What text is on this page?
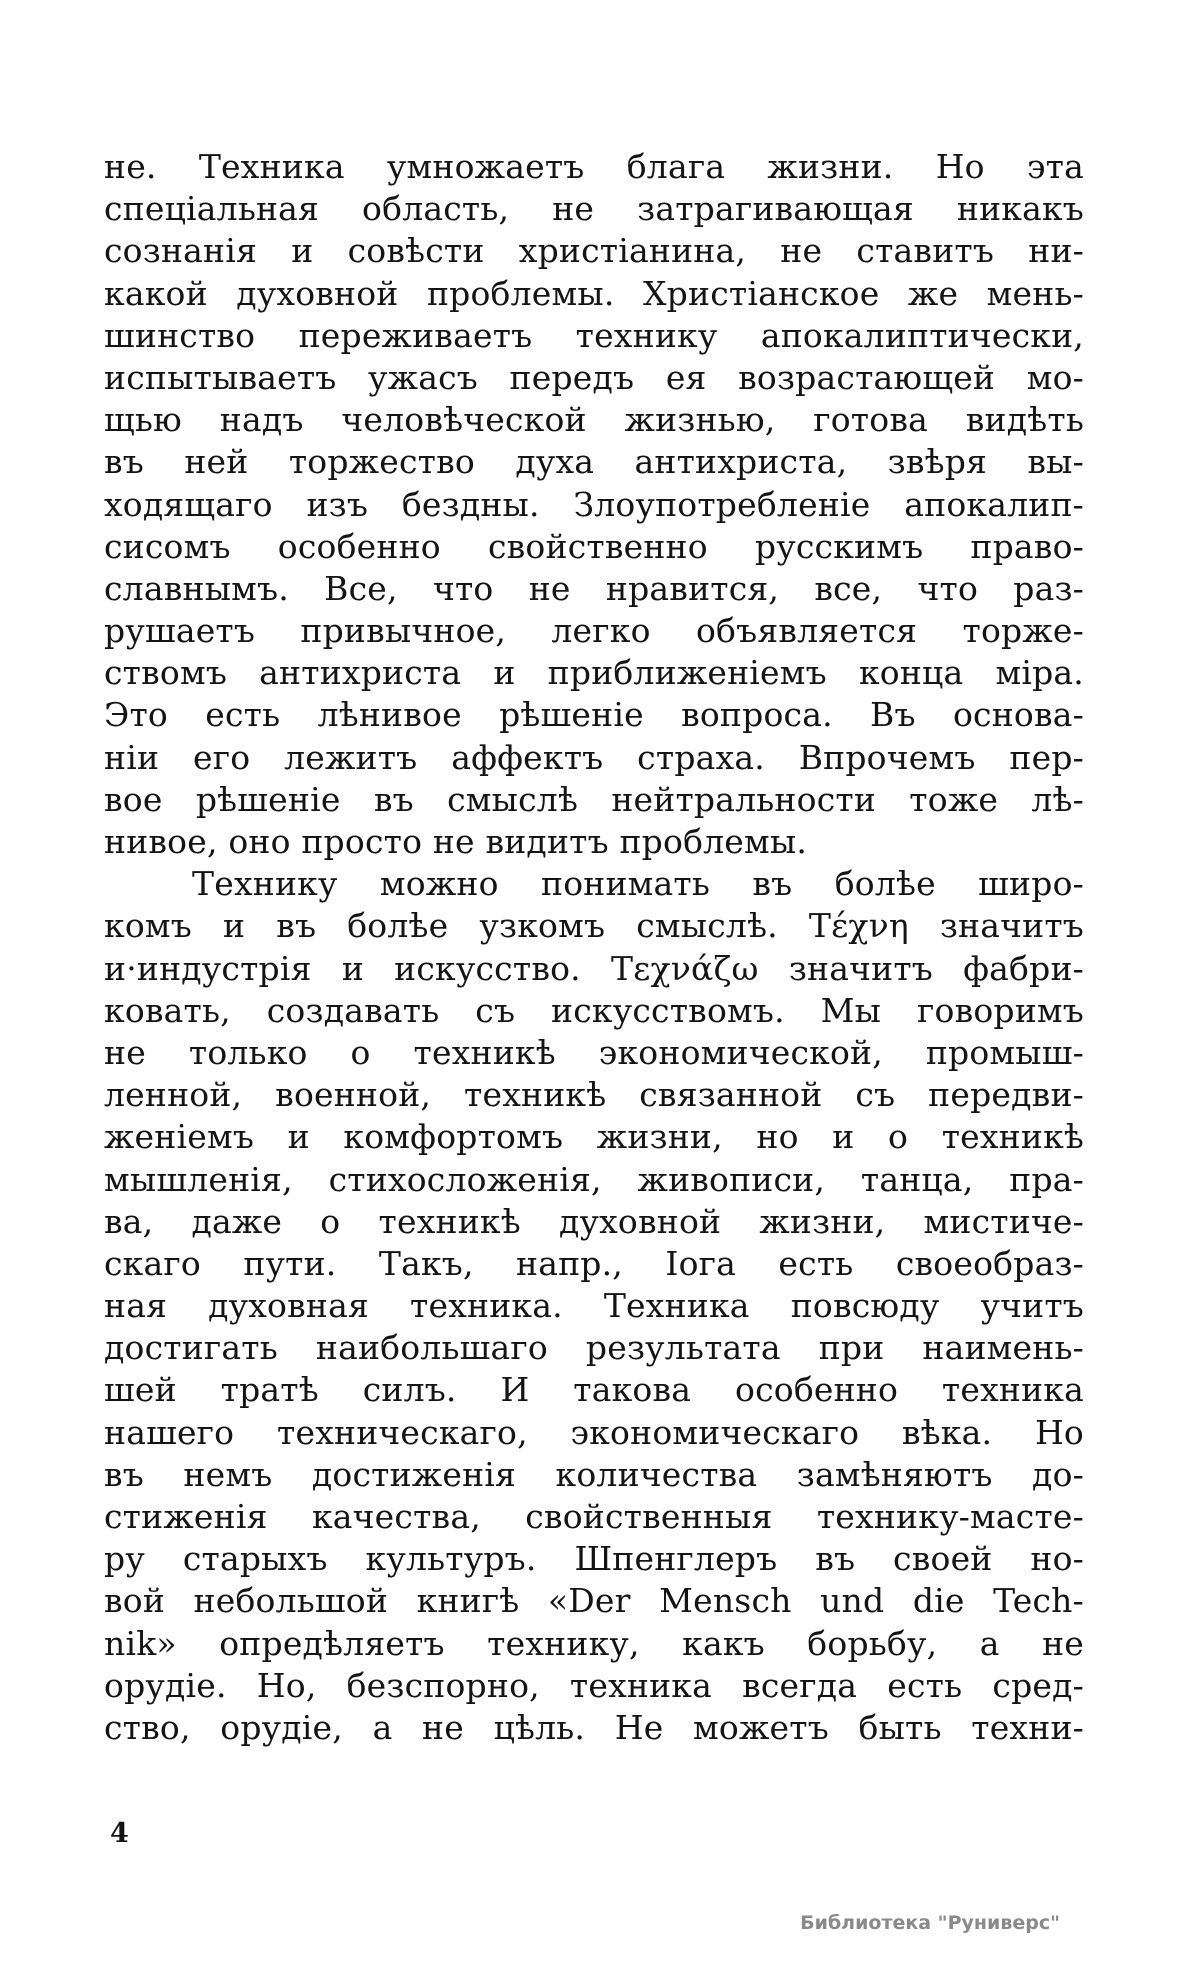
не. Техника умножаетъ блага жизни. Но эта
спецiальная область, не затрагивающая никакъ
сознанiя и совѣсти христiанина, не ставитъ ни-
какой духовной проблемы. Христiанское же мень-
шинство переживаетъ технику апокалиптически,
испытываетъ ужасъ передъ ея возрастающей мо-
щью надъ человѣческой жизнью, готова видѣть
въ ней торжество духа антихриста, звѣря вы-
ходящаго изъ бездны. Злоупотребленiе апокалип-
сисомъ особенно свойственно русскимъ право-
славнымъ. Все, что не нравится, все, что раз-
рушаетъ привычное, легко объявляется торже-
ствомъ антихриста и приближенiемъ конца мiра.
Это есть лѣнивое рѣшенiе вопроса. Въ основа-
нiи его лежитъ аффектъ страха. Впрочемъ пер-
вое рѣшенiе въ смыслѣ нейтральности тоже лѣ-
нивое, оно просто не видитъ проблемы.
Технику можно понимать въ болѣе широ-
комъ и въ болѣе узкомъ смыслѣ. Τέχνη значитъ
и·индустрiя и искусство. Τεχνάζω значитъ фабри-
ковать, создавать съ искусствомъ. Мы говоримъ
не только о техникѣ экономической, промыш-
ленной, военной, техникѣ связанной съ передви-
женiемъ и комфортомъ жизни, но и о техникѣ
мышленiя, стихосложенiя, живописи, танца, пра-
ва, даже о техникѣ духовной жизни, мистиче-
скаго пути. Такъ, напр., Iога есть своеобраз-
ная духовная техника. Техника повсюду учитъ
достигать наибольшаго результата при наимень-
шей тратѣ силъ. И такова особенно техника
нашего техническаго, экономическаго вѣка. Но
въ немъ достиженiя количества замѣняютъ до-
стиженiя качества, свойственныя технику-масте-
ру старыхъ культуръ. Шпенглеръ въ своей но-
вой небольшой книгѣ «Der Mensch und die Tech-
nik» опредѣляетъ технику, какъ борьбу, а не
орудiе. Но, безспорно, техника всегда есть сред-
ство, орудiе, а не цѣль. Не можетъ быть техни-

4

Библиотека "Руниверс"
